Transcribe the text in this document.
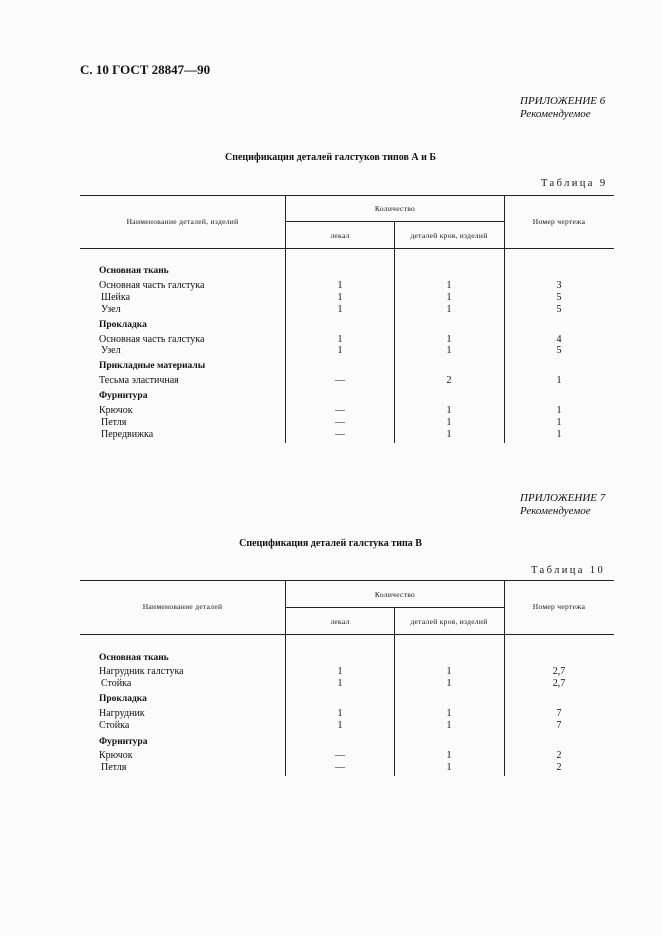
С. 10 ГОСТ 28847—90
ПРИЛОЖЕНИЕ 6
Рекомендуемое
Спецификация деталей галстуков типов А и Б
Таблица 9
Наименование деталей, изделий
Количество
лекал	деталей кроя, изделий
Номер чертежа
Основная ткань
Основная часть галстука	1	1	3
Шейка	1	1	5
Узел	1	1	5
Прокладка
Основная часть галстука	1	1	4
Узел	1	1	5
Прикладные материалы
Тесьма эластичная	—	2	1
Фурнитура
Крючок	—	1	1
Петля	—	1	1
Передвижка	—	1	1
ПРИЛОЖЕНИЕ 7
Рекомендуемое
Спецификация деталей галстука типа В
Таблица 10
Наименование деталей
Количество
лекал	деталей кроя, изделий
Номер чертежа
Основная ткань
Нагрудник галстука	1	1	2,7
Стойка	1	1	2,7
Прокладка
Нагрудник	1	1	7
Стойка	1	1	7
Фурнитура
Крючок	—	1	2
Петля	—	1	2
